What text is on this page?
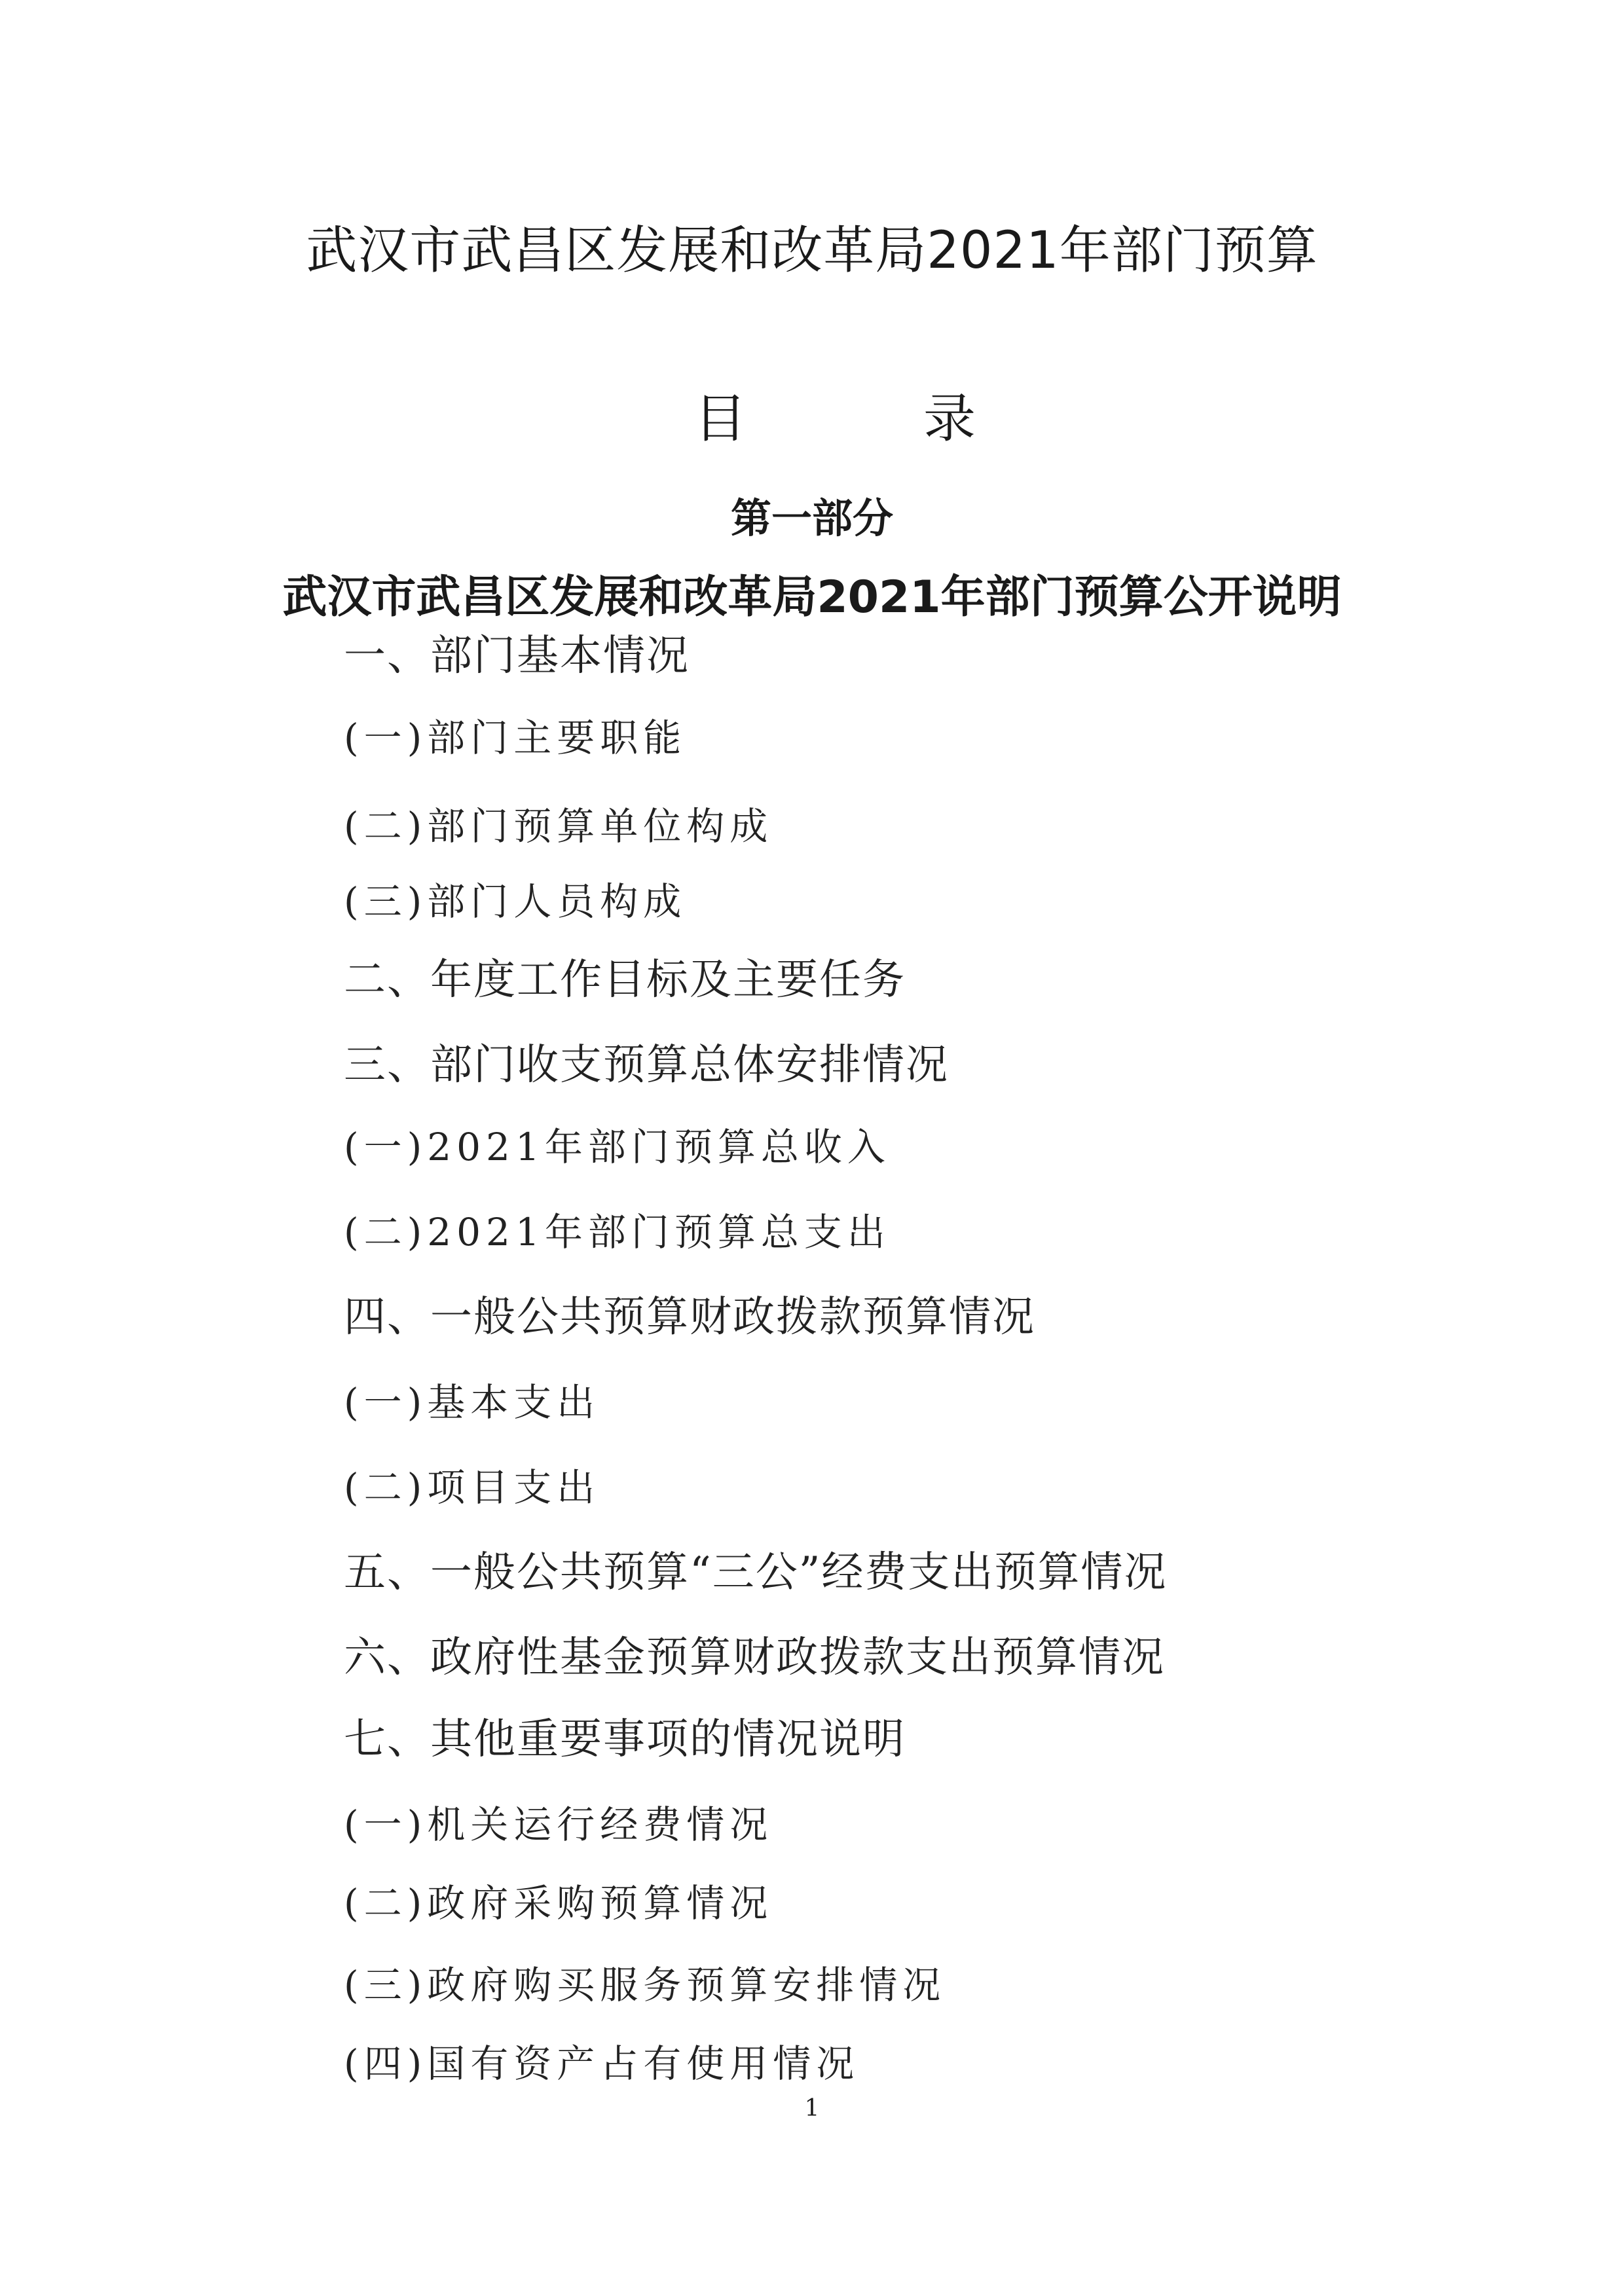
武汉市武昌区发展和改革局2021年部门预算
目	录
第一部分
武汉市武昌区发展和改革局2021年部门预算公开说明
一、部门基本情况
(一)部门主要职能
(二)部门预算单位构成
(三)部门人员构成
二、年度工作目标及主要任务
三、部门收支预算总体安排情况
(一)2021年部门预算总收入
(二)2021年部门预算总支出
四、一般公共预算财政拨款预算情况
(一)基本支出
(二)项目支出
五、一般公共预算“三公”经费支出预算情况
六、政府性基金预算财政拨款支出预算情况
七、其他重要事项的情况说明
(一)机关运行经费情况
(二)政府采购预算情况
(三)政府购买服务预算安排情况
(四)国有资产占有使用情况
1
